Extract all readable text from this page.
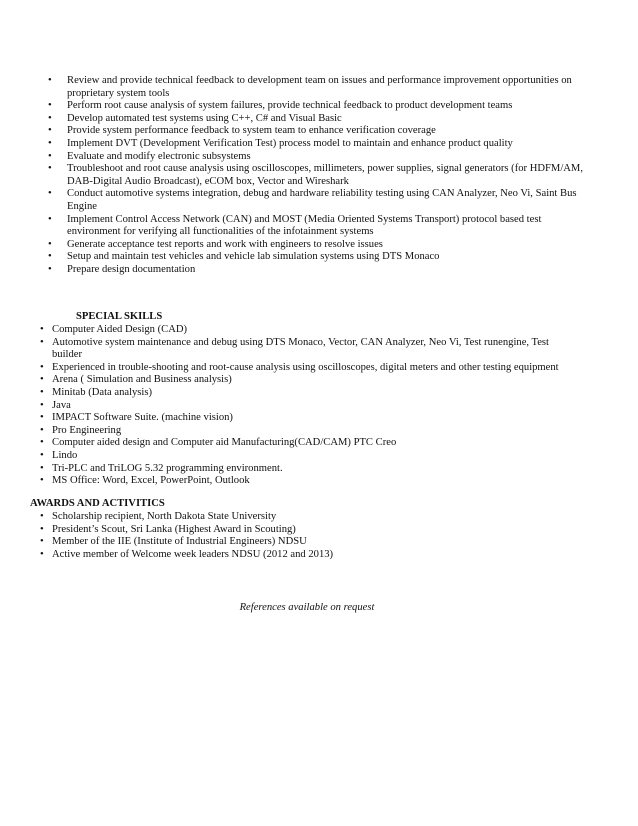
• Review and provide technical feedback to development team on issues and performance improvement opportunities on proprietary system tools
• Perform root cause analysis of system failures, provide technical feedback to product development teams
• Develop automated test systems using C++, C# and Visual Basic
• Provide system performance feedback to system team to enhance verification coverage
• Implement DVT (Development Verification Test) process model to maintain and enhance product quality
• Evaluate and modify electronic subsystems
• Troubleshoot and root cause analysis using oscilloscopes, millimeters, power supplies, signal generators (for HDFM/AM, DAB-Digital Audio Broadcast), eCOM box, Vector and Wireshark
• Conduct automotive systems integration, debug and hardware reliability testing using CAN Analyzer, Neo Vi, Saint Bus Engine
• Implement Control Access Network (CAN) and MOST (Media Oriented Systems Transport) protocol based test environment for verifying all functionalities of the infotainment systems
• Generate acceptance test reports and work with engineers to resolve issues
• Setup and maintain test vehicles and vehicle lab simulation systems using DTS Monaco
• Prepare design documentation
SPECIAL SKILLS
• Computer Aided Design (CAD)
• Automotive system maintenance and debug using DTS Monaco, Vector, CAN Analyzer, Neo Vi, Test runengine, Test builder
• Experienced in trouble-shooting and root-cause analysis using oscilloscopes, digital meters and other testing equipment
• Arena ( Simulation and Business analysis)
• Minitab (Data analysis)
• Java
• IMPACT Software Suite. (machine vision)
• Pro Engineering
• Computer aided design and Computer aid Manufacturing(CAD/CAM) PTC Creo
• Lindo
• Tri-PLC and TriLOG 5.32 programming environment.
• MS Office: Word, Excel, PowerPoint, Outlook
AWARDS AND ACTIVITICS
• Scholarship recipient, North Dakota State University
• President’s Scout, Sri Lanka (Highest Award in Scouting)
• Member of the IIE (Institute of Industrial Engineers) NDSU
• Active member of Welcome week leaders NDSU (2012 and 2013)
References available on request
